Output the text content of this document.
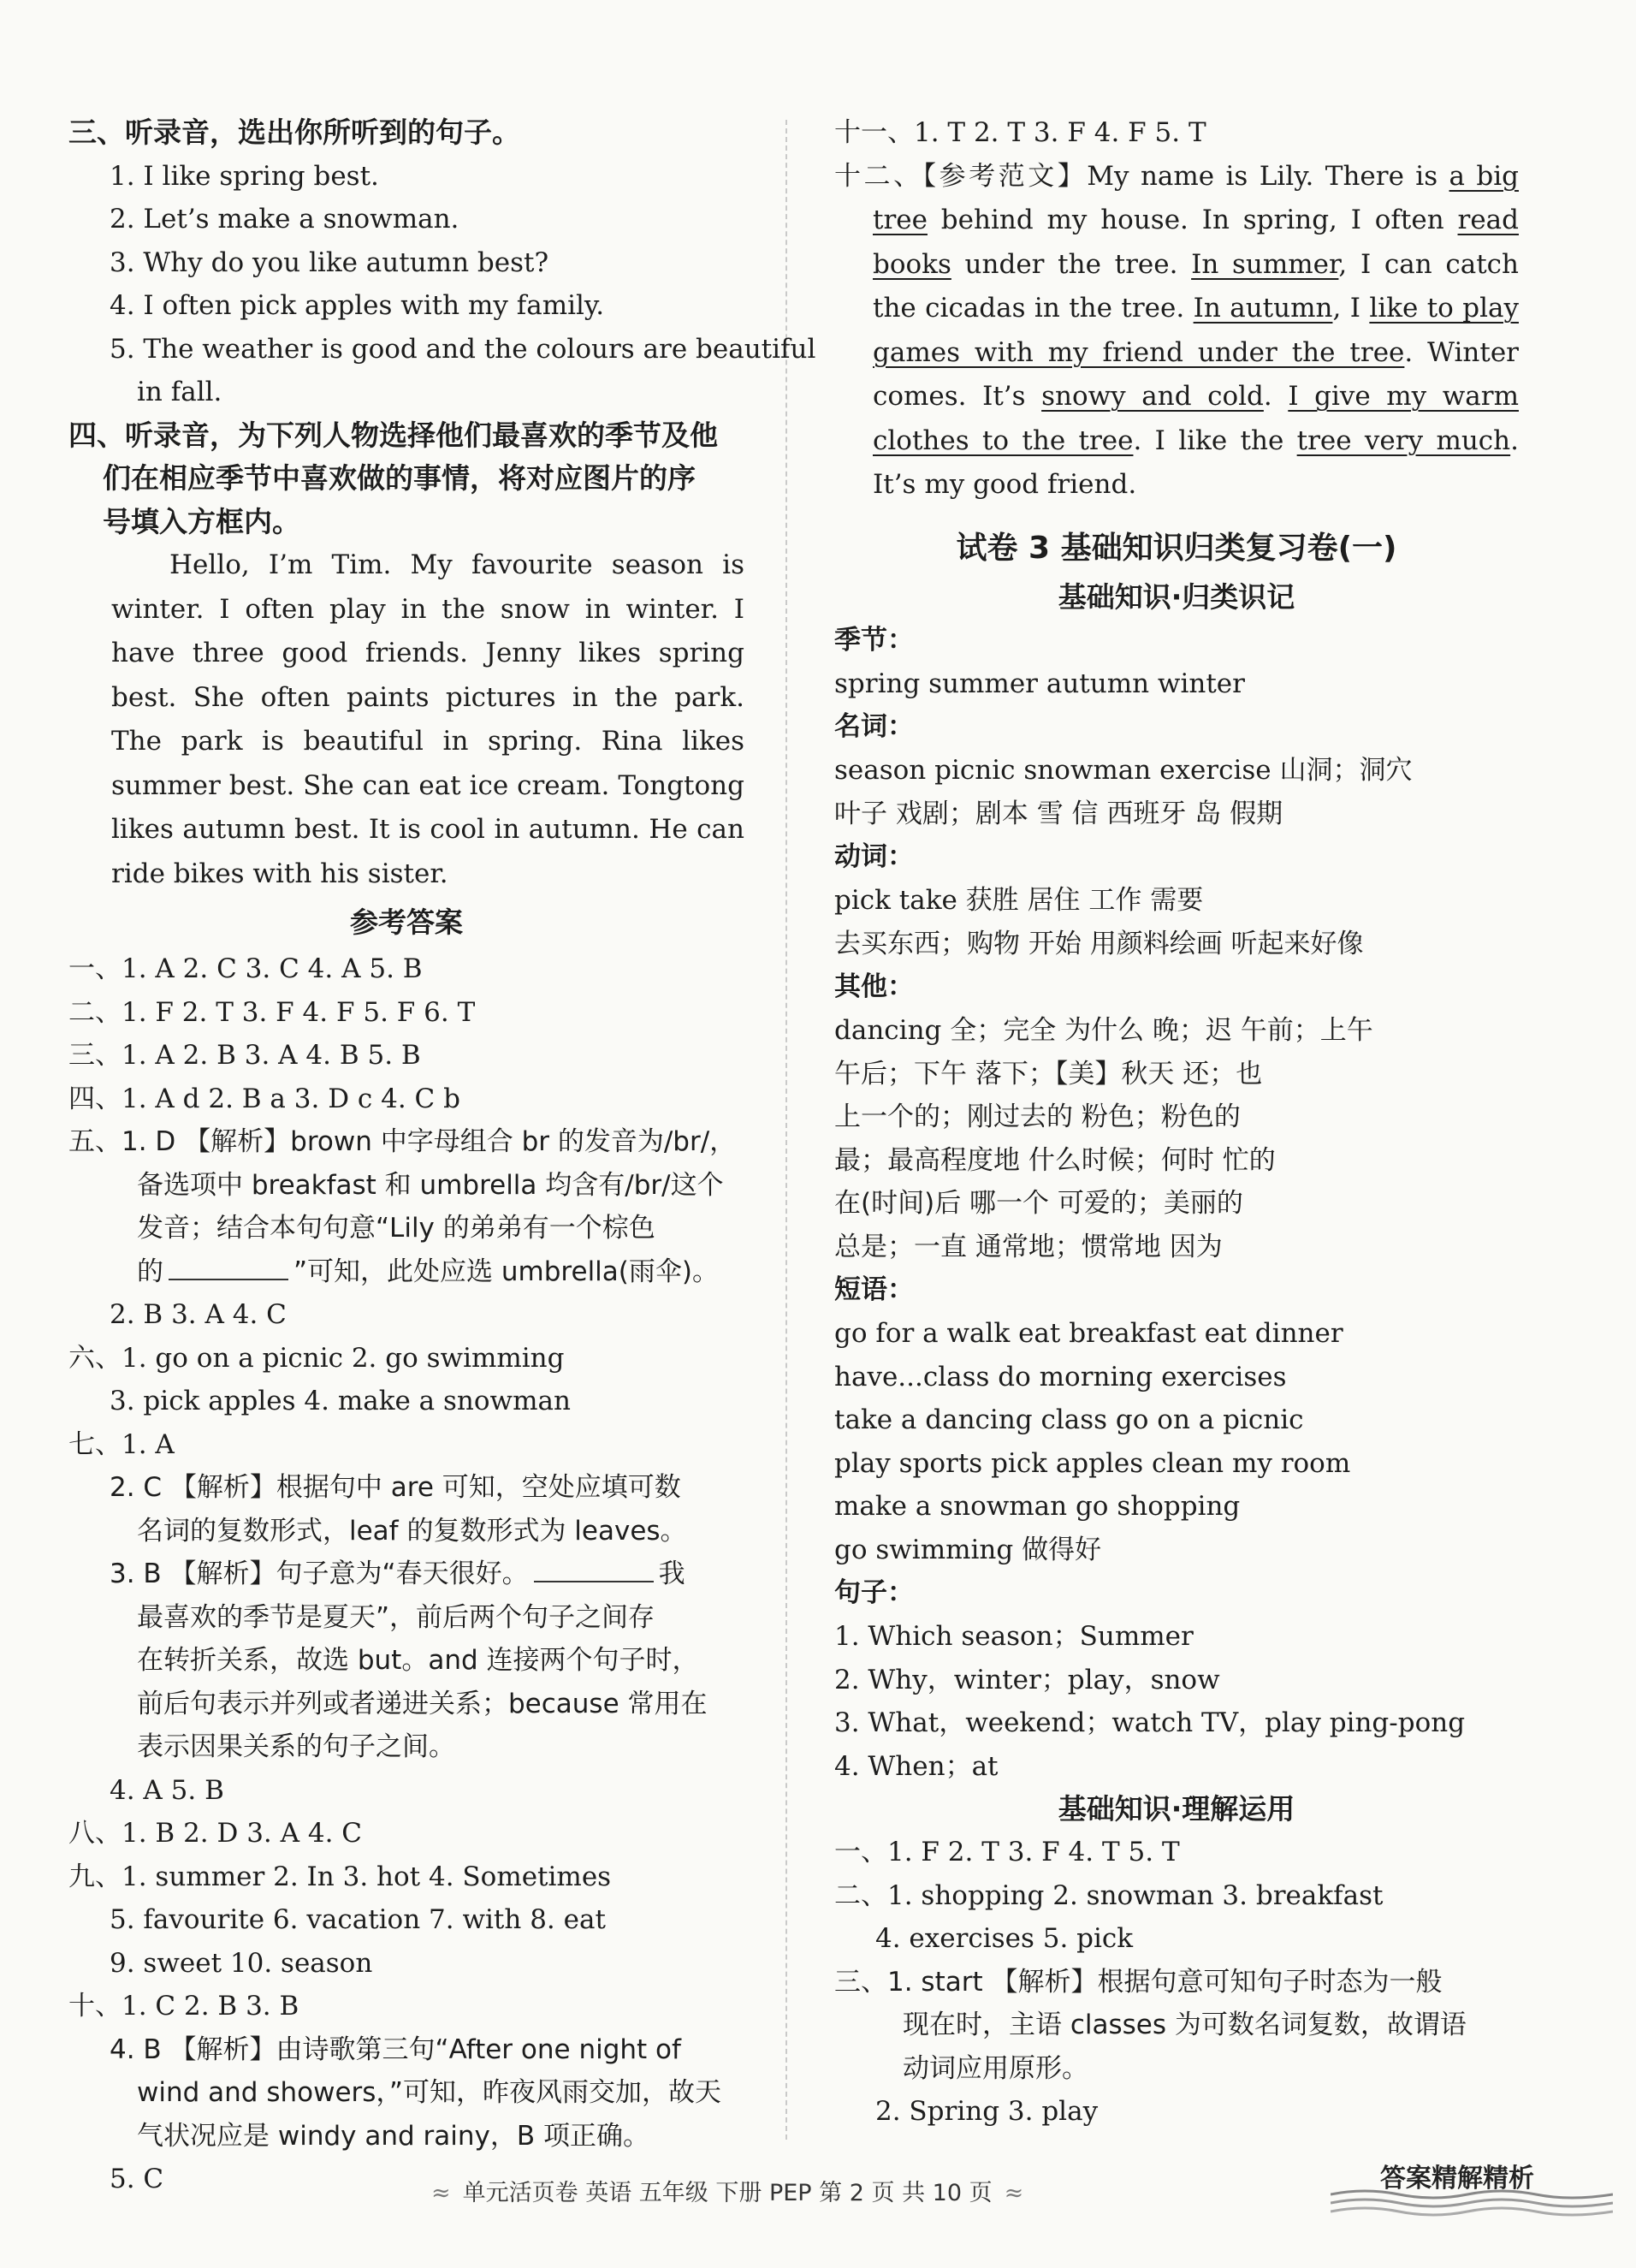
三、听录音，选出你所听到的句子。
1. I like spring best.
2. Let’s make a snowman.
3. Why do you like autumn best?
4. I often pick apples with my family.
5. The weather is good and the colours are beautiful
in fall.
四、听录音，为下列人物选择他们最喜欢的季节及他
们在相应季节中喜欢做的事情，将对应图片的序
号填入方框内。
Hello, I’m Tim. My favourite season is winter. I often play in the snow in winter. I have three good friends. Jenny likes spring best. She often paints pictures in the park. The park is beautiful in spring. Rina likes summer best. She can eat ice cream. Tongtong likes autumn best. It is cool in autumn. He can ride bikes with his sister.
参考答案
一、1. A 2. C 3. C 4. A 5. B
二、1. F 2. T 3. F 4. F 5. F 6. T
三、1. A 2. B 3. A 4. B 5. B
四、1. A d 2. B a 3. D c 4. C b
五、1. D 【解析】brown 中字母组合 br 的发音为/br/，
备选项中 breakfast 和 umbrella 均含有/br/这个
发音；结合本句句意“Lily 的弟弟有一个棕色
的	”可知，此处应选 umbrella(雨伞)。
2. B 3. A 4. C
六、1. go on a picnic 2. go swimming
3. pick apples 4. make a snowman
七、1. A
2. C 【解析】根据句中 are 可知，空处应填可数
名词的复数形式，leaf 的复数形式为 leaves。
3. B 【解析】句子意为“春天很好。	我
最喜欢的季节是夏天”，前后两个句子之间存
在转折关系，故选 but。and 连接两个句子时，
前后句表示并列或者递进关系；because 常用在
表示因果关系的句子之间。
4. A 5. B
八、1. B 2. D 3. A 4. C
九、1. summer 2. In 3. hot 4. Sometimes
5. favourite 6. vacation 7. with 8. eat
9. sweet 10. season
十、1. C 2. B 3. B
4. B 【解析】由诗歌第三句“After one night of
wind and showers，”可知，昨夜风雨交加，故天
气状况应是 windy and rainy，B 项正确。
5. C
十一、1. T 2. T 3. F 4. F 5. T
十二、【参考范文】My name is Lily. There is a big tree behind my house. In spring, I often read books under the tree. In summer, I can catch the cicadas in the tree. In autumn, I like to play games with my friend under the tree. Winter comes. It’s snowy and cold. I give my warm clothes to the tree. I like the tree very much. It’s my good friend.
试卷 3 基础知识归类复习卷(一)
基础知识·归类识记
季节：
spring summer autumn winter
名词：
season picnic snowman exercise 山洞；洞穴
叶子 戏剧；剧本 雪 信 西班牙 岛 假期
动词：
pick take 获胜 居住 工作 需要
去买东西；购物 开始 用颜料绘画 听起来好像
其他：
dancing 全；完全 为什么 晚；迟 午前；上午
午后；下午 落下；【美】秋天 还；也
上一个的；刚过去的 粉色；粉色的
最；最高程度地 什么时候；何时 忙的
在(时间)后 哪一个 可爱的；美丽的
总是；一直 通常地；惯常地 因为
短语：
go for a walk eat breakfast eat dinner
have...class do morning exercises
take a dancing class go on a picnic
play sports pick apples clean my room
make a snowman go shopping
go swimming 做得好
句子：
1. Which season；Summer
2. Why，winter；play，snow
3. What，weekend；watch TV，play ping-pong
4. When；at
基础知识·理解运用
一、1. F 2. T 3. F 4. T 5. T
二、1. shopping 2. snowman 3. breakfast
4. exercises 5. pick
三、1. start 【解析】根据句意可知句子时态为一般
现在时，主语 classes 为可数名词复数，故谓语
动词应用原形。
2. Spring 3. play
≈ 单元活页卷 英语 五年级 下册 PEP 第 2 页 共 10 页 ≈	答案精解精析
